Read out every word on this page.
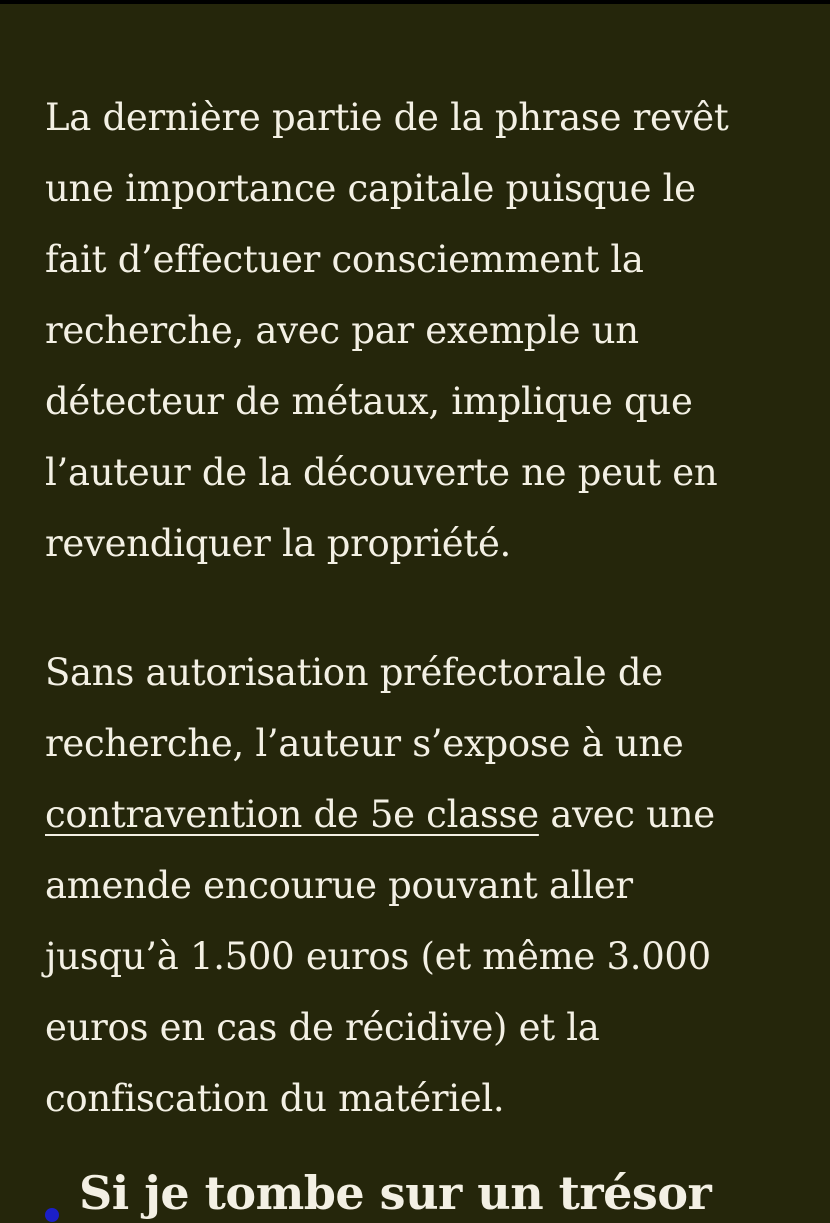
La dernière partie de la phrase revêt
une importance capitale puisque le
fait d’effectuer consciemment la
recherche, avec par exemple un
détecteur de métaux, implique que
l’auteur de la découverte ne peut en
revendiquer la propriété.

Sans autorisation préfectorale de
recherche, l’auteur s’expose à une
contravention de 5e classe avec une
amende encourue pouvant aller
jusqu’à 1.500 euros (et même 3.000
euros en cas de récidive) et la
confiscation du matériel.

Si je tombe sur un trésor
